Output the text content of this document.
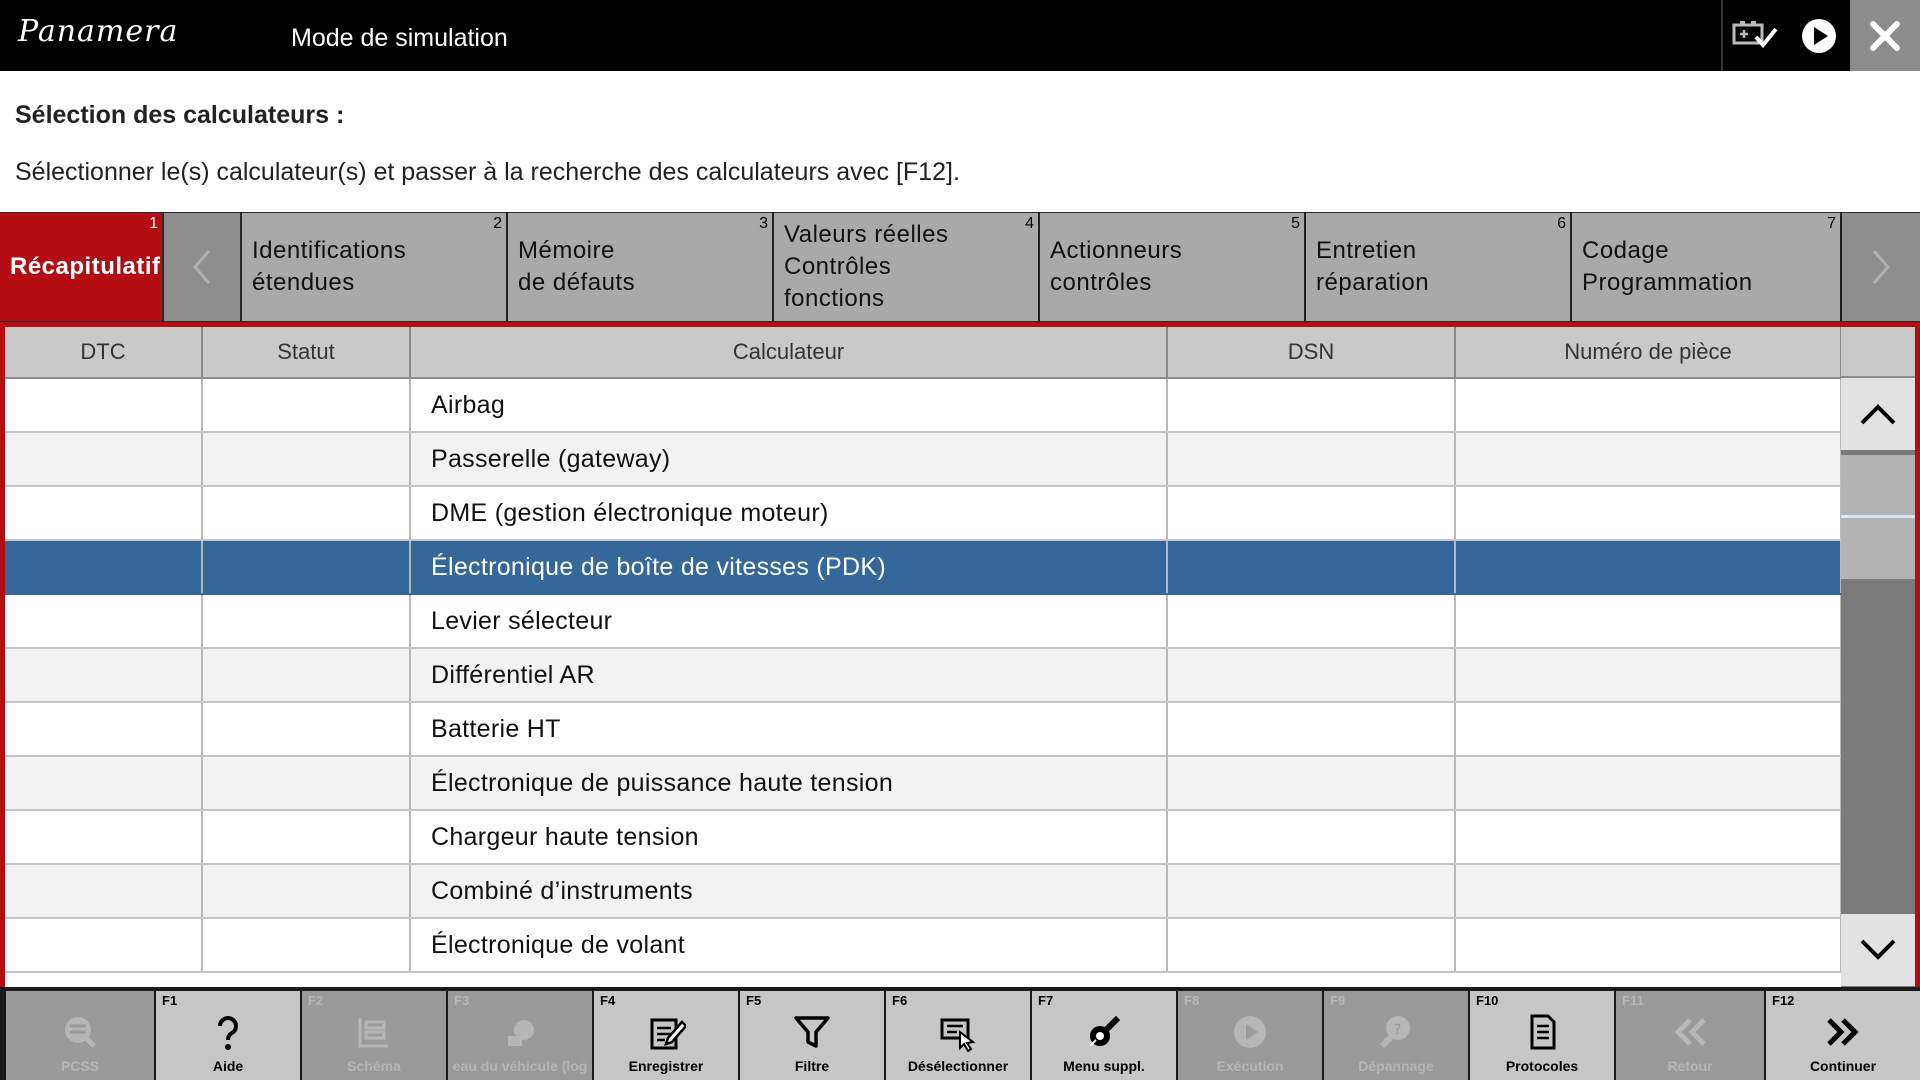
Panamera	Mode de simulation
Sélection des calculateurs :
Sélectionner le(s) calculateur(s) et passer à la recherche des calculateurs avec [F12].
1
Récapitulatif
2
Identifications
étendues
3
Mémoire
de défauts
4
Valeurs réelles
Contrôles
fonctions
5
Actionneurs
contrôles
6
Entretien
réparation
7
Codage
Programmation
DTC	Statut	Calculateur	DSN	Numéro de pièce
		Airbag		
		Passerelle (gateway)		
		DME (gestion électronique moteur)		
		Électronique de boîte de vitesses (PDK)		
		Levier sélecteur		
		Différentiel AR		
		Batterie HT		
		Électronique de puissance haute tension		
		Chargeur haute tension		
		Combiné d’instruments		
		Électronique de volant		
PCSS
F1
Aide
F2
Schéma
F3
eau du véhicule (log
F4
Enregistrer
F5
Filtre
F6
Désélectionner
F7
Menu suppl.
F8
Exécution
F9
?
Dépannage
F10
Protocoles
F11
Retour
F12
Continuer
